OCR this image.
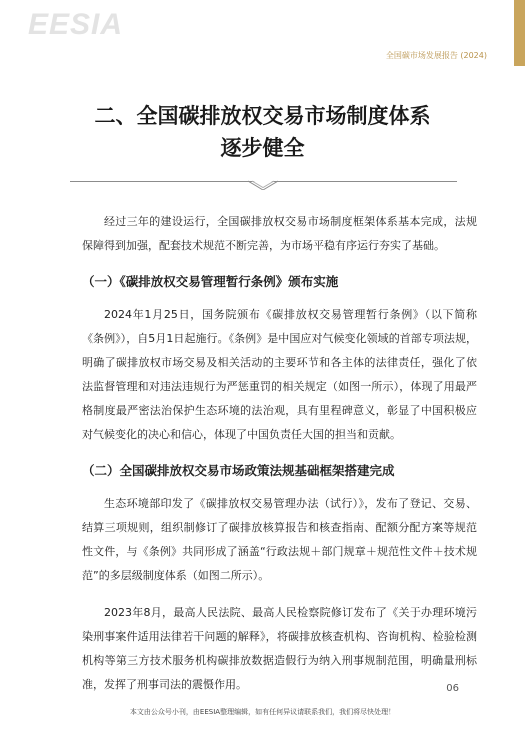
EESIA
全国碳市场发展报告 (2024)
二、全国碳排放权交易市场制度体系
逐步健全

经过三年的建设运行，全国碳排放权交易市场制度框架体系基本完成，法规保障得到加强，配套技术规范不断完善，为市场平稳有序运行夯实了基础。

（一）《碳排放权交易管理暂行条例》颁布实施

2024年1月25日，国务院颁布《碳排放权交易管理暂行条例》（以下简称《条例》），自5月1日起施行。《条例》是中国应对气候变化领域的首部专项法规，明确了碳排放权市场交易及相关活动的主要环节和各主体的法律责任，强化了依法监督管理和对违法违规行为严惩重罚的相关规定（如图一所示），体现了用最严格制度最严密法治保护生态环境的法治观，具有里程碑意义，彰显了中国积极应对气候变化的决心和信心，体现了中国负责任大国的担当和贡献。

（二）全国碳排放权交易市场政策法规基础框架搭建完成

生态环境部印发了《碳排放权交易管理办法（试行）》，发布了登记、交易、结算三项规则，组织制修订了碳排放核算报告和核查指南、配额分配方案等规范性文件，与《条例》共同形成了涵盖“行政法规＋部门规章＋规范性文件＋技术规范”的多层级制度体系（如图二所示）。

2023年8月，最高人民法院、最高人民检察院修订发布了《关于办理环境污染刑事案件适用法律若干问题的解释》，将碳排放核查机构、咨询机构、检验检测机构等第三方技术服务机构碳排放数据造假行为纳入刑事规制范围，明确量刑标准，发挥了刑事司法的震慑作用。	06
本文由公众号小刊，由EESIA整理编辑，如有任何异议请联系我们，我们将尽快处理！
